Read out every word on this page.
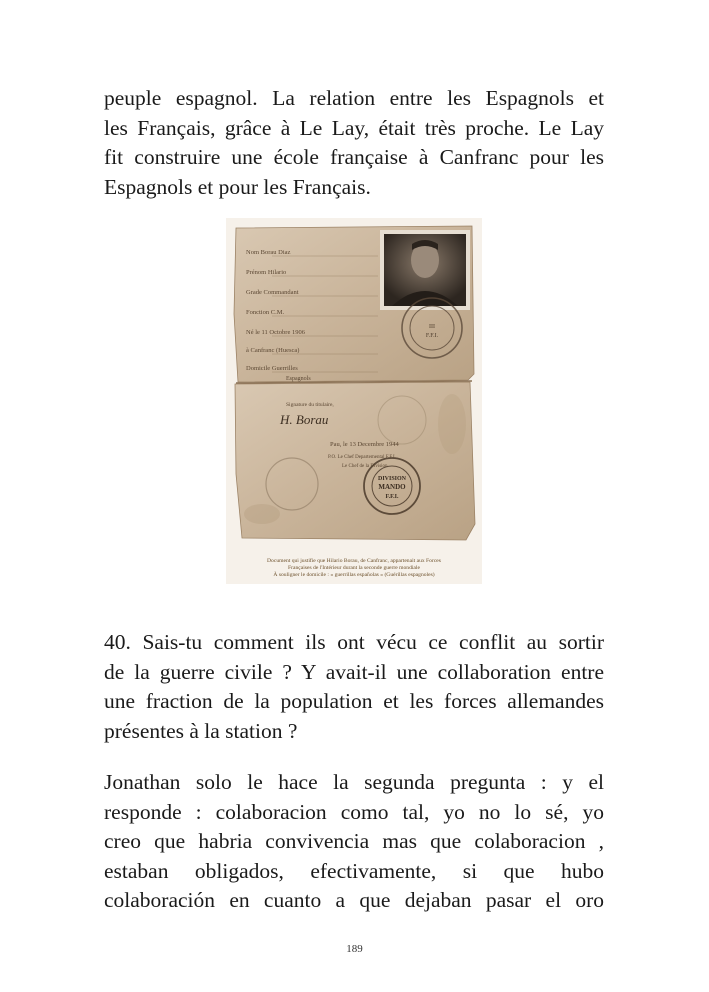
peuple espagnol. La relation entre les Espagnols et
les Français, grâce à Le Lay, était très proche. Le Lay
fit construire une école française à Canfranc pour les
Espagnols et pour les Français.
Nom Borau Diaz
Prénom Hilario
Grade Commandant
Fonction C.M.
Né le 11 Octobre 1906
à Canfranc (Huesca)
Domicile Guerrilles
Espagnols
Signature du titulaire,
H. Borau
Pau, le 13 Decembre 1944
P.O. Le Chef Departemental F.F.I.
Le Chef de la Division
III
F.F.I.
DIVISION
MANDO
F.F.I.
Document qui justifie que Hilario Borau, de Canfranc, appartenait aux Forces
Françaises de l'Intérieur durant la seconde guerre mondiale
À souligner le domicile : « guerrillas españolas » (Guérillas espagnoles)
40. Sais-tu comment ils ont vécu ce conflit au sortir
de la guerre civile ? Y avait-il une collaboration entre
une fraction de la population et les forces allemandes
présentes à la station ?
Jonathan solo le hace la segunda pregunta : y el
responde : colaboracion como tal, yo no lo sé, yo
creo que habria convivencia mas que colaboracion ,
estaban obligados, efectivamente, si que hubo
colaboración en cuanto a que dejaban pasar el oro
189
